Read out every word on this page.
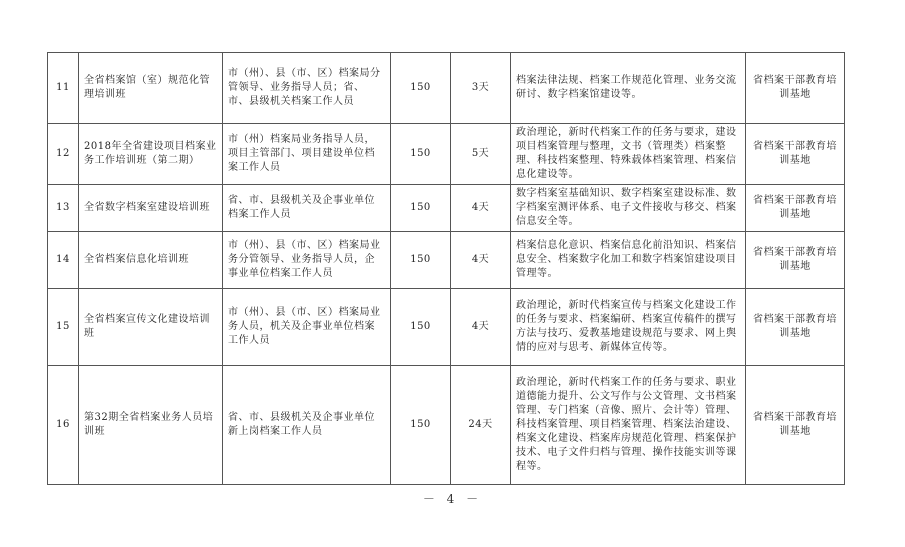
11	全省档案馆（室）规范化管理培训班	市（州）、县（市、区）档案局分管领导、业务指导人员；省、市、县级机关档案工作人员	150	3天	档案法律法规、档案工作规范化管理、业务交流研讨、数字档案馆建设等。	省档案干部教育培训基地
12	2018年全省建设项目档案业务工作培训班（第二期）	市（州）档案局业务指导人员，项目主管部门、项目建设单位档案工作人员	150	5天	政治理论，新时代档案工作的任务与要求，建设项目档案管理与整理，文书（管理类）档案整理、科技档案整理、特殊载体档案管理、档案信息化建设等。	省档案干部教育培训基地
13	全省数字档案室建设培训班	省、市、县级机关及企事业单位档案工作人员	150	4天	数字档案室基础知识、数字档案室建设标准、数字档案室测评体系、电子文件接收与移交、档案信息安全等。	省档案干部教育培训基地
14	全省档案信息化培训班	市（州）、县（市、区）档案局业务分管领导、业务指导人员，企事业单位档案工作人员	150	4天	档案信息化意识、档案信息化前沿知识、档案信息安全、档案数字化加工和数字档案馆建设项目管理等。	省档案干部教育培训基地
15	全省档案宣传文化建设培训班	市（州）、县（市、区）档案局业务人员，机关及企事业单位档案工作人员	150	4天	政治理论，新时代档案宣传与档案文化建设工作的任务与要求、档案编研、档案宣传稿件的撰写方法与技巧、爱教基地建设规范与要求、网上舆情的应对与思考、新媒体宣传等。	省档案干部教育培训基地
16	第32期全省档案业务人员培训班	省、市、县级机关及企事业单位新上岗档案工作人员	150	24天	政治理论，新时代档案工作的任务与要求、职业道德能力提升、公文写作与公文管理、文书档案管理、专门档案（音像、照片、会计等）管理、科技档案管理、项目档案管理、档案法治建设、档案文化建设、档案库房规范化管理、档案保护技术、电子文件归档与管理、操作技能实训等课程等。	省档案干部教育培训基地
－ 4 －
